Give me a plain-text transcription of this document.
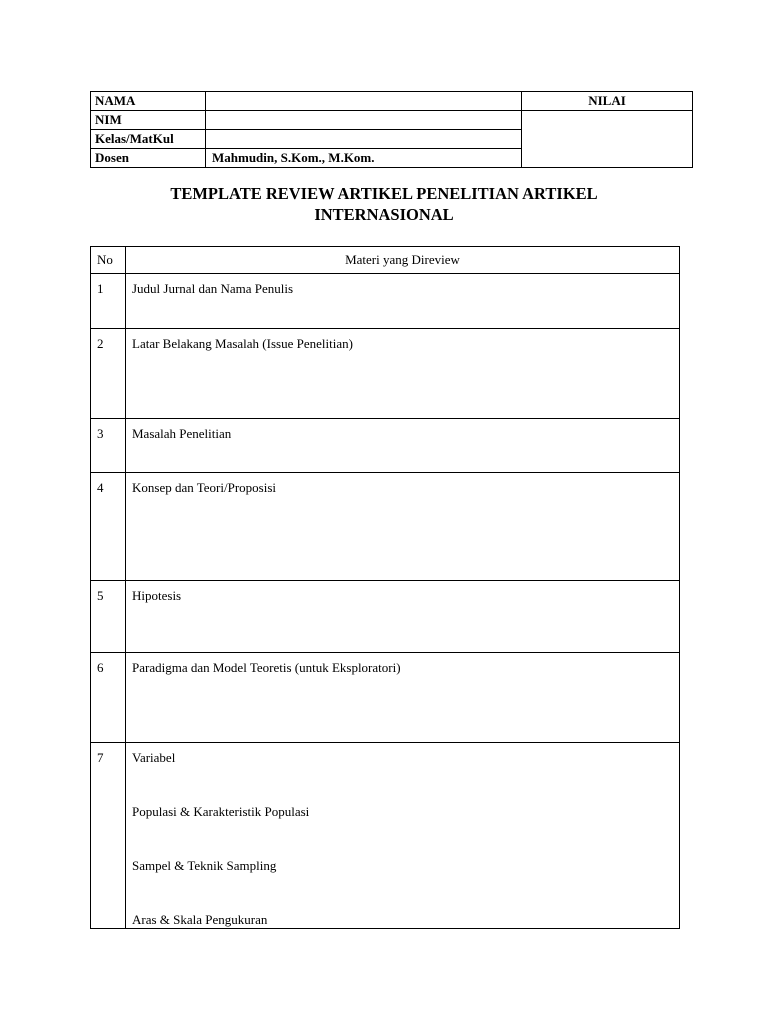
NAMA		NILAI
NIM		
Kelas/MatKul		
Dosen	Mahmudin, S.Kom., M.Kom.	
TEMPLATE REVIEW ARTIKEL PENELITIAN ARTIKEL
INTERNASIONAL
No	Materi yang Direview
1	Judul Jurnal dan Nama Penulis
2	Latar Belakang Masalah (Issue Penelitian)
3	Masalah Penelitian
4	Konsep dan Teori/Proposisi
5	Hipotesis
6	Paradigma dan Model Teoretis (untuk Eksploratori)
7	Variabel
Populasi & Karakteristik Populasi
Sampel & Teknik Sampling
Aras & Skala Pengukuran
